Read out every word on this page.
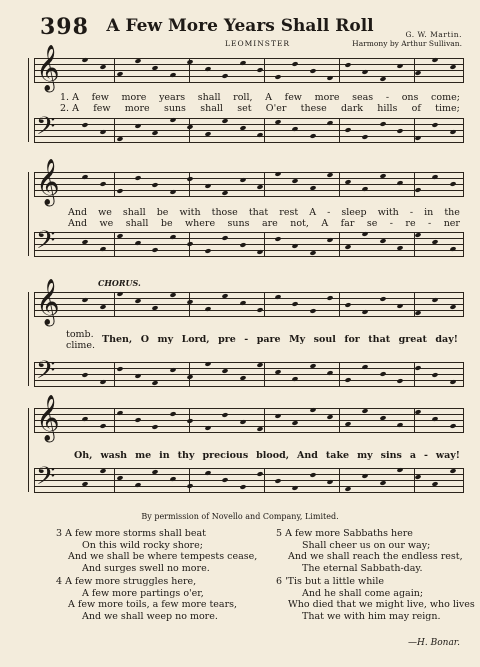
398	A Few More Years Shall Roll	G. W. Martin.
LEOMINSTER	Harmony by Arthur Sullivan.
𝄞
𝄢
𝄞
𝄢
𝄞
𝄢
𝄞
𝄢
1. A few more years shall roll, A few more seas - ons come;
2. A few more suns shall set O'er these dark hills of time;
And we shall be with those that rest A - sleep with - in the
And we shall be where suns are not, A far se - re - ner
CHORUS.
tomb.
clime.
Then, O my Lord, pre - pare My soul for that great day!
Oh, wash me in thy precious blood, And take my sins a - way!
By permission of Novello and Company, Limited.
3 A few more storms shall beat
On this wild rocky shore;
And we shall be where tempests cease,
And surges swell no more.
4 A few more struggles here,
A few more partings o'er,
A few more toils, a few more tears,
And we shall weep no more.
5 A few more Sabbaths here
Shall cheer us on our way;
And we shall reach the endless rest,
The eternal Sabbath-day.
6 'Tis but a little while
And he shall come again;
Who died that we might live, who lives
That we with him may reign.
—H. Bonar.
